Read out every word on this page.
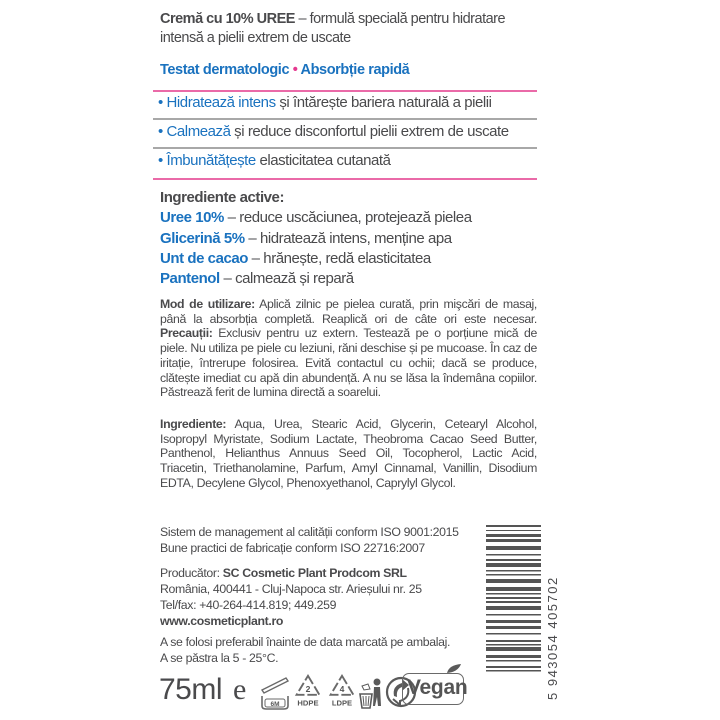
Cremă cu 10% UREE – formulă specială pentru hidratare
intensă a pielii extrem de uscate
Testat dermatologic • Absorbție rapidă
• Hidratează intens și întărește bariera naturală a pielii
• Calmează și reduce disconfortul pielii extrem de uscate
• Îmbunătățește elasticitatea cutanată
Ingrediente active:
Uree 10% – reduce uscăciunea, protejează pielea
Glicerină 5% – hidratează intens, menține apa
Unt de cacao – hrănește, redă elasticitatea
Pantenol – calmează și repară
Mod de utilizare: Aplică zilnic pe pielea curată, prin mişcări de masaj, până la absorbția completă. Reaplică ori de câte ori este necesar. Precauții: Exclusiv pentru uz extern. Testează pe o porțiune mică de piele. Nu utiliza pe piele cu leziuni, răni deschise și pe mucoase. În caz de iritație, întrerupe folosirea. Evită contactul cu ochii; dacă se produce, clătește imediat cu apă din abundență. A nu se lăsa la îndemâna copiilor. Păstrează ferit de lumina directă a soarelui.
Ingrediente: Aqua, Urea, Stearic Acid, Glycerin, Cetearyl Alcohol, Isopropyl Myristate, Sodium Lactate, Theobroma Cacao Seed Butter, Panthenol, Helianthus Annuus Seed Oil, Tocopherol, Lactic Acid, Triacetin, Triethanolamine, Parfum, Amyl Cinnamal, Vanillin, Disodium EDTA, Decylene Glycol, Phenoxyethanol, Caprylyl Glycol.
Sistem de management al calității conform ISO 9001:2015
Bune practici de fabricație conform ISO 22716:2007
Producător: SC Cosmetic Plant Prodcom SRL
România, 400441 - Cluj-Napoca str. Arieșului nr. 25
Tel/fax: +40-264-414.819; 449.259
www.cosmeticplant.ro
A se folosi preferabil înainte de data marcată pe ambalaj.
A se păstra la 5 - 25°C.
75ml e	6M
2
HDPE
4
LDPE
Vegan	5 943054 405702
